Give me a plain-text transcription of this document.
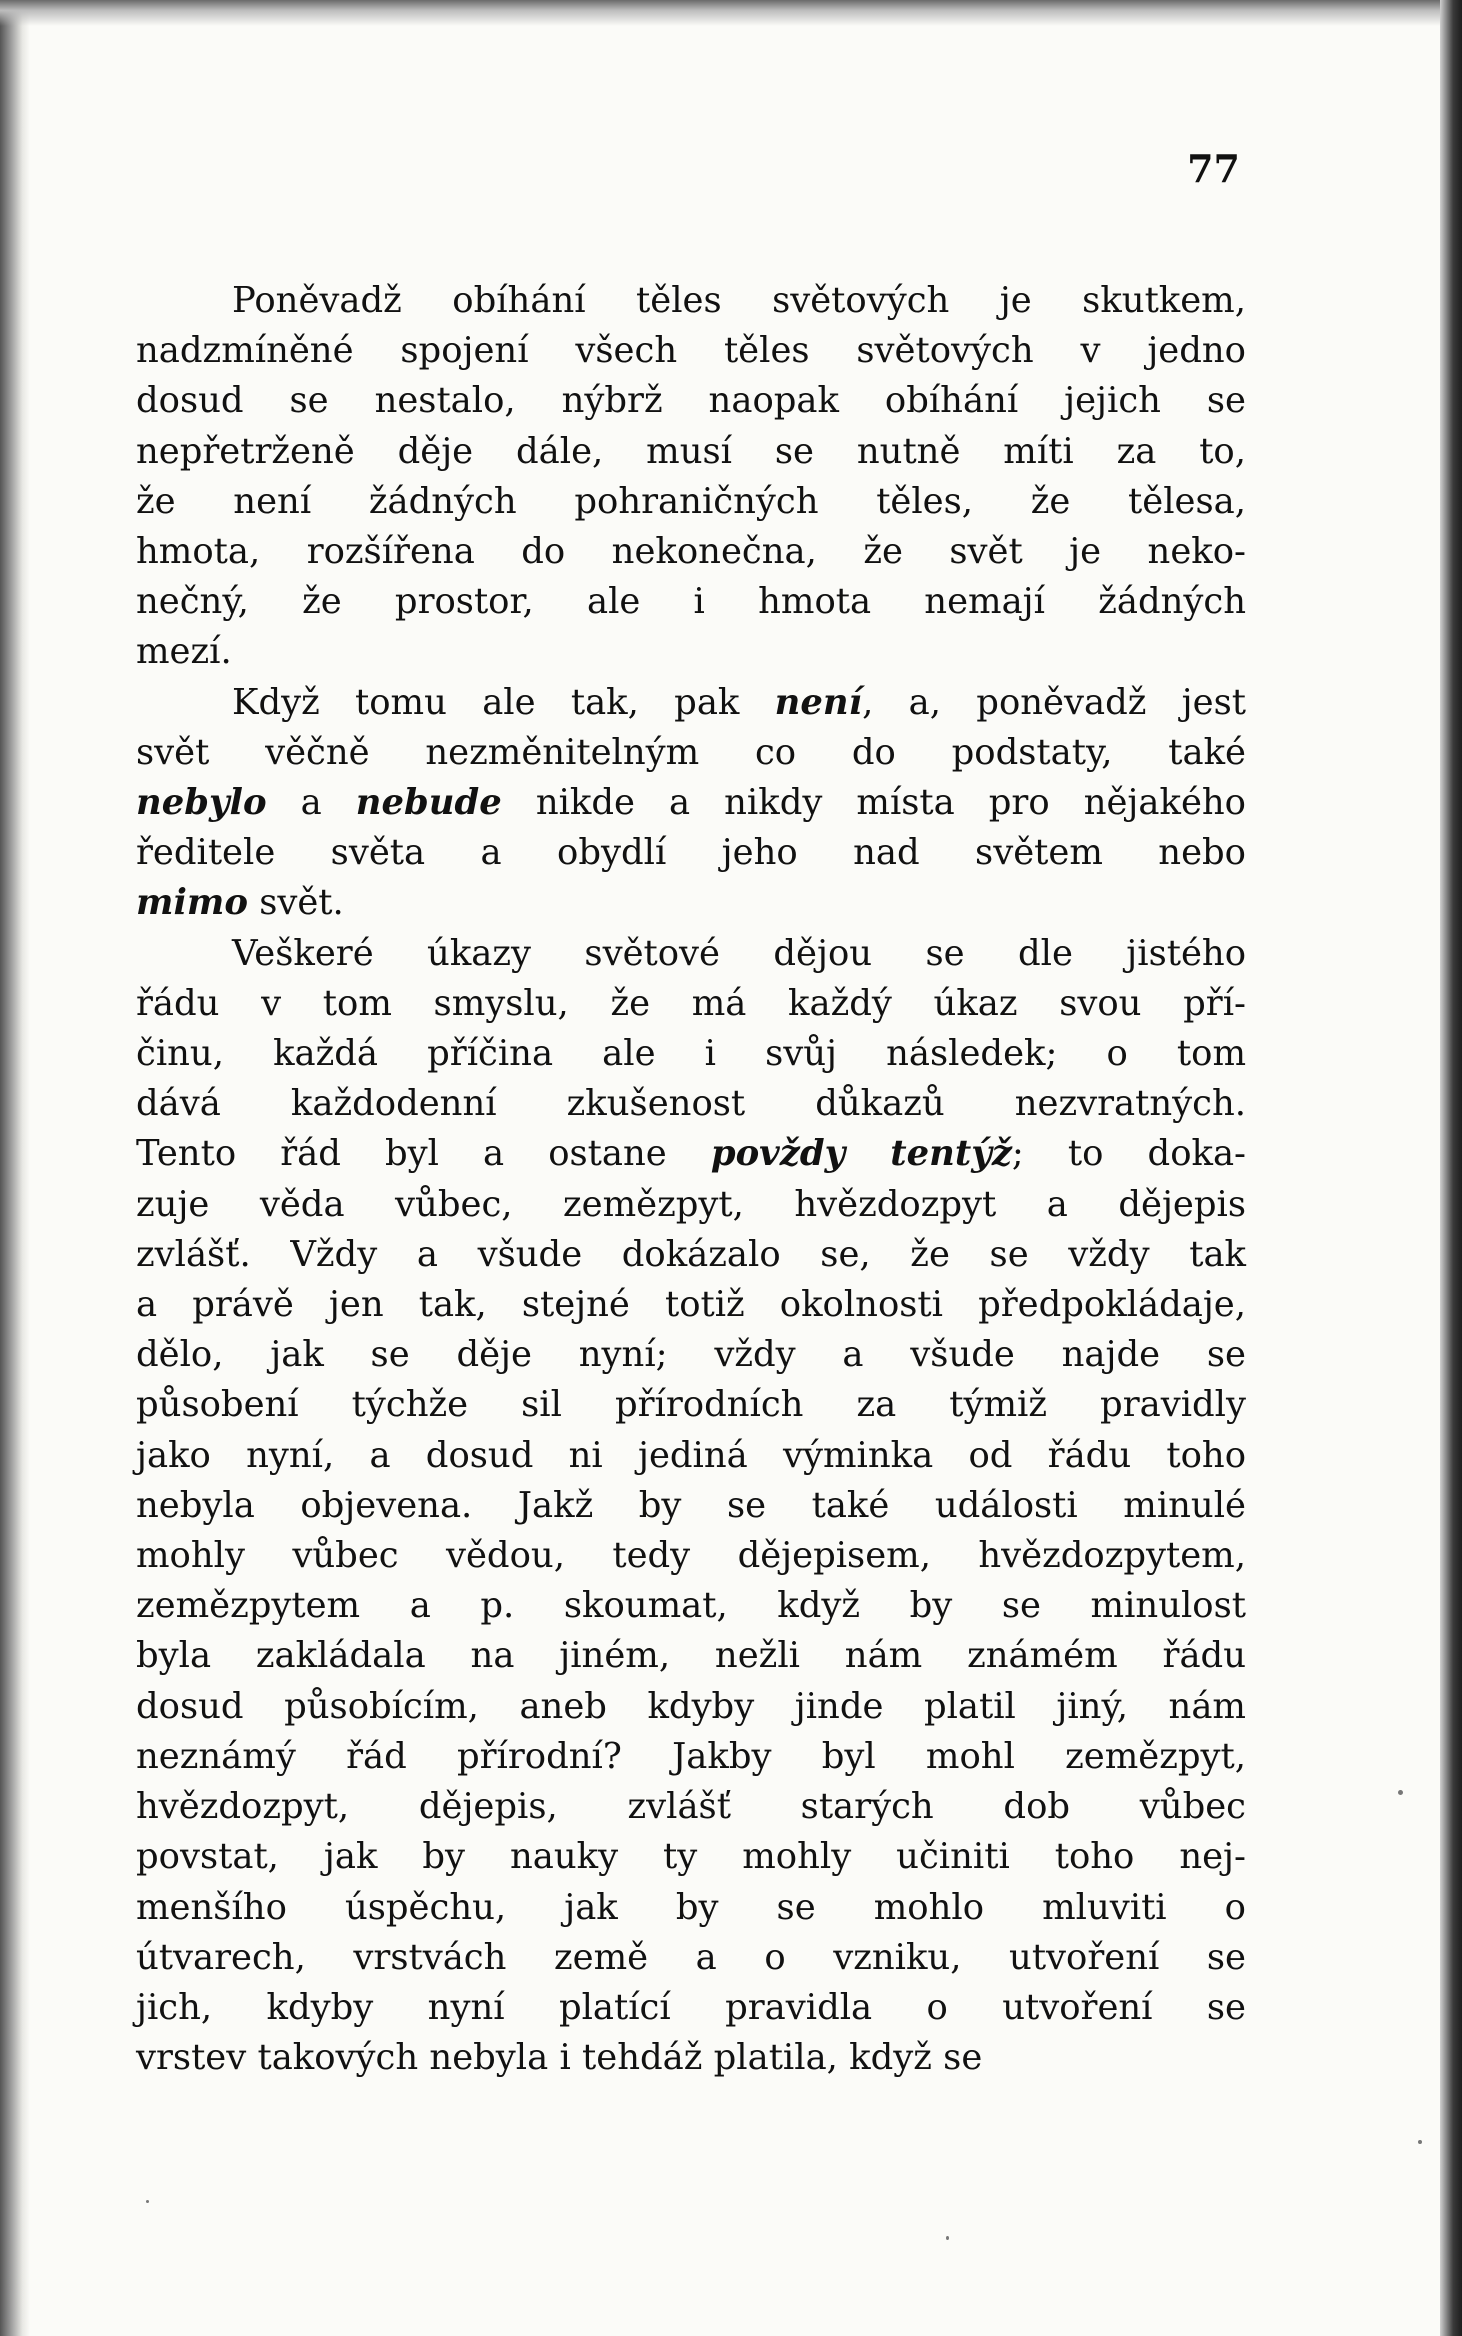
77

Poněvadž obíhání těles světových je skutkem,
nadzmíněné spojení všech těles světových v jedno
dosud se nestalo, nýbrž naopak obíhání jejich se
nepřetrženě děje dále, musí se nutně míti za to,
že není žádných pohraničných těles, že tělesa,
hmota, rozšířena do nekonečna, že svět je neko-
nečný, že prostor, ale i hmota nemají žádných
mezí.

Když tomu ale tak, pak není, a, poněvadž jest
svět věčně nezměnitelným co do podstaty, také
nebylo a nebude nikde a nikdy místa pro nějakého
ředitele světa a obydlí jeho nad světem nebo
mimo svět.

Veškeré úkazy světové dějou se dle jistého
řádu v tom smyslu, že má každý úkaz svou pří-
činu, každá příčina ale i svůj následek; o tom
dává každodenní zkušenost důkazů nezvratných.
Tento řád byl a ostane povždy tentýž; to doka-
zuje věda vůbec, zemězpyt, hvězdozpyt a dějepis
zvlášť. Vždy a všude dokázalo se, že se vždy tak
a právě jen tak, stejné totiž okolnosti předpokládaje,
dělo, jak se děje nyní; vždy a všude najde se
působení týchže sil přírodních za týmiž pravidly
jako nyní, a dosud ni jediná výminka od řádu toho
nebyla objevena. Jakž by se také události minulé
mohly vůbec vědou, tedy dějepisem, hvězdozpytem,
zemězpytem a p. skoumat, když by se minulost
byla zakládala na jiném, nežli nám známém řádu
dosud působícím, aneb kdyby jinde platil jiný, nám
neznámý řád přírodní? Jakby byl mohl zemězpyt,
hvězdozpyt, dějepis, zvlášť starých dob vůbec
povstat, jak by nauky ty mohly učiniti toho nej-
menšího úspěchu, jak by se mohlo mluviti o
útvarech, vrstvách země a o vzniku, utvoření se
jich, kdyby nyní platící pravidla o utvoření se
vrstev takových nebyla i tehdáž platila, když se
